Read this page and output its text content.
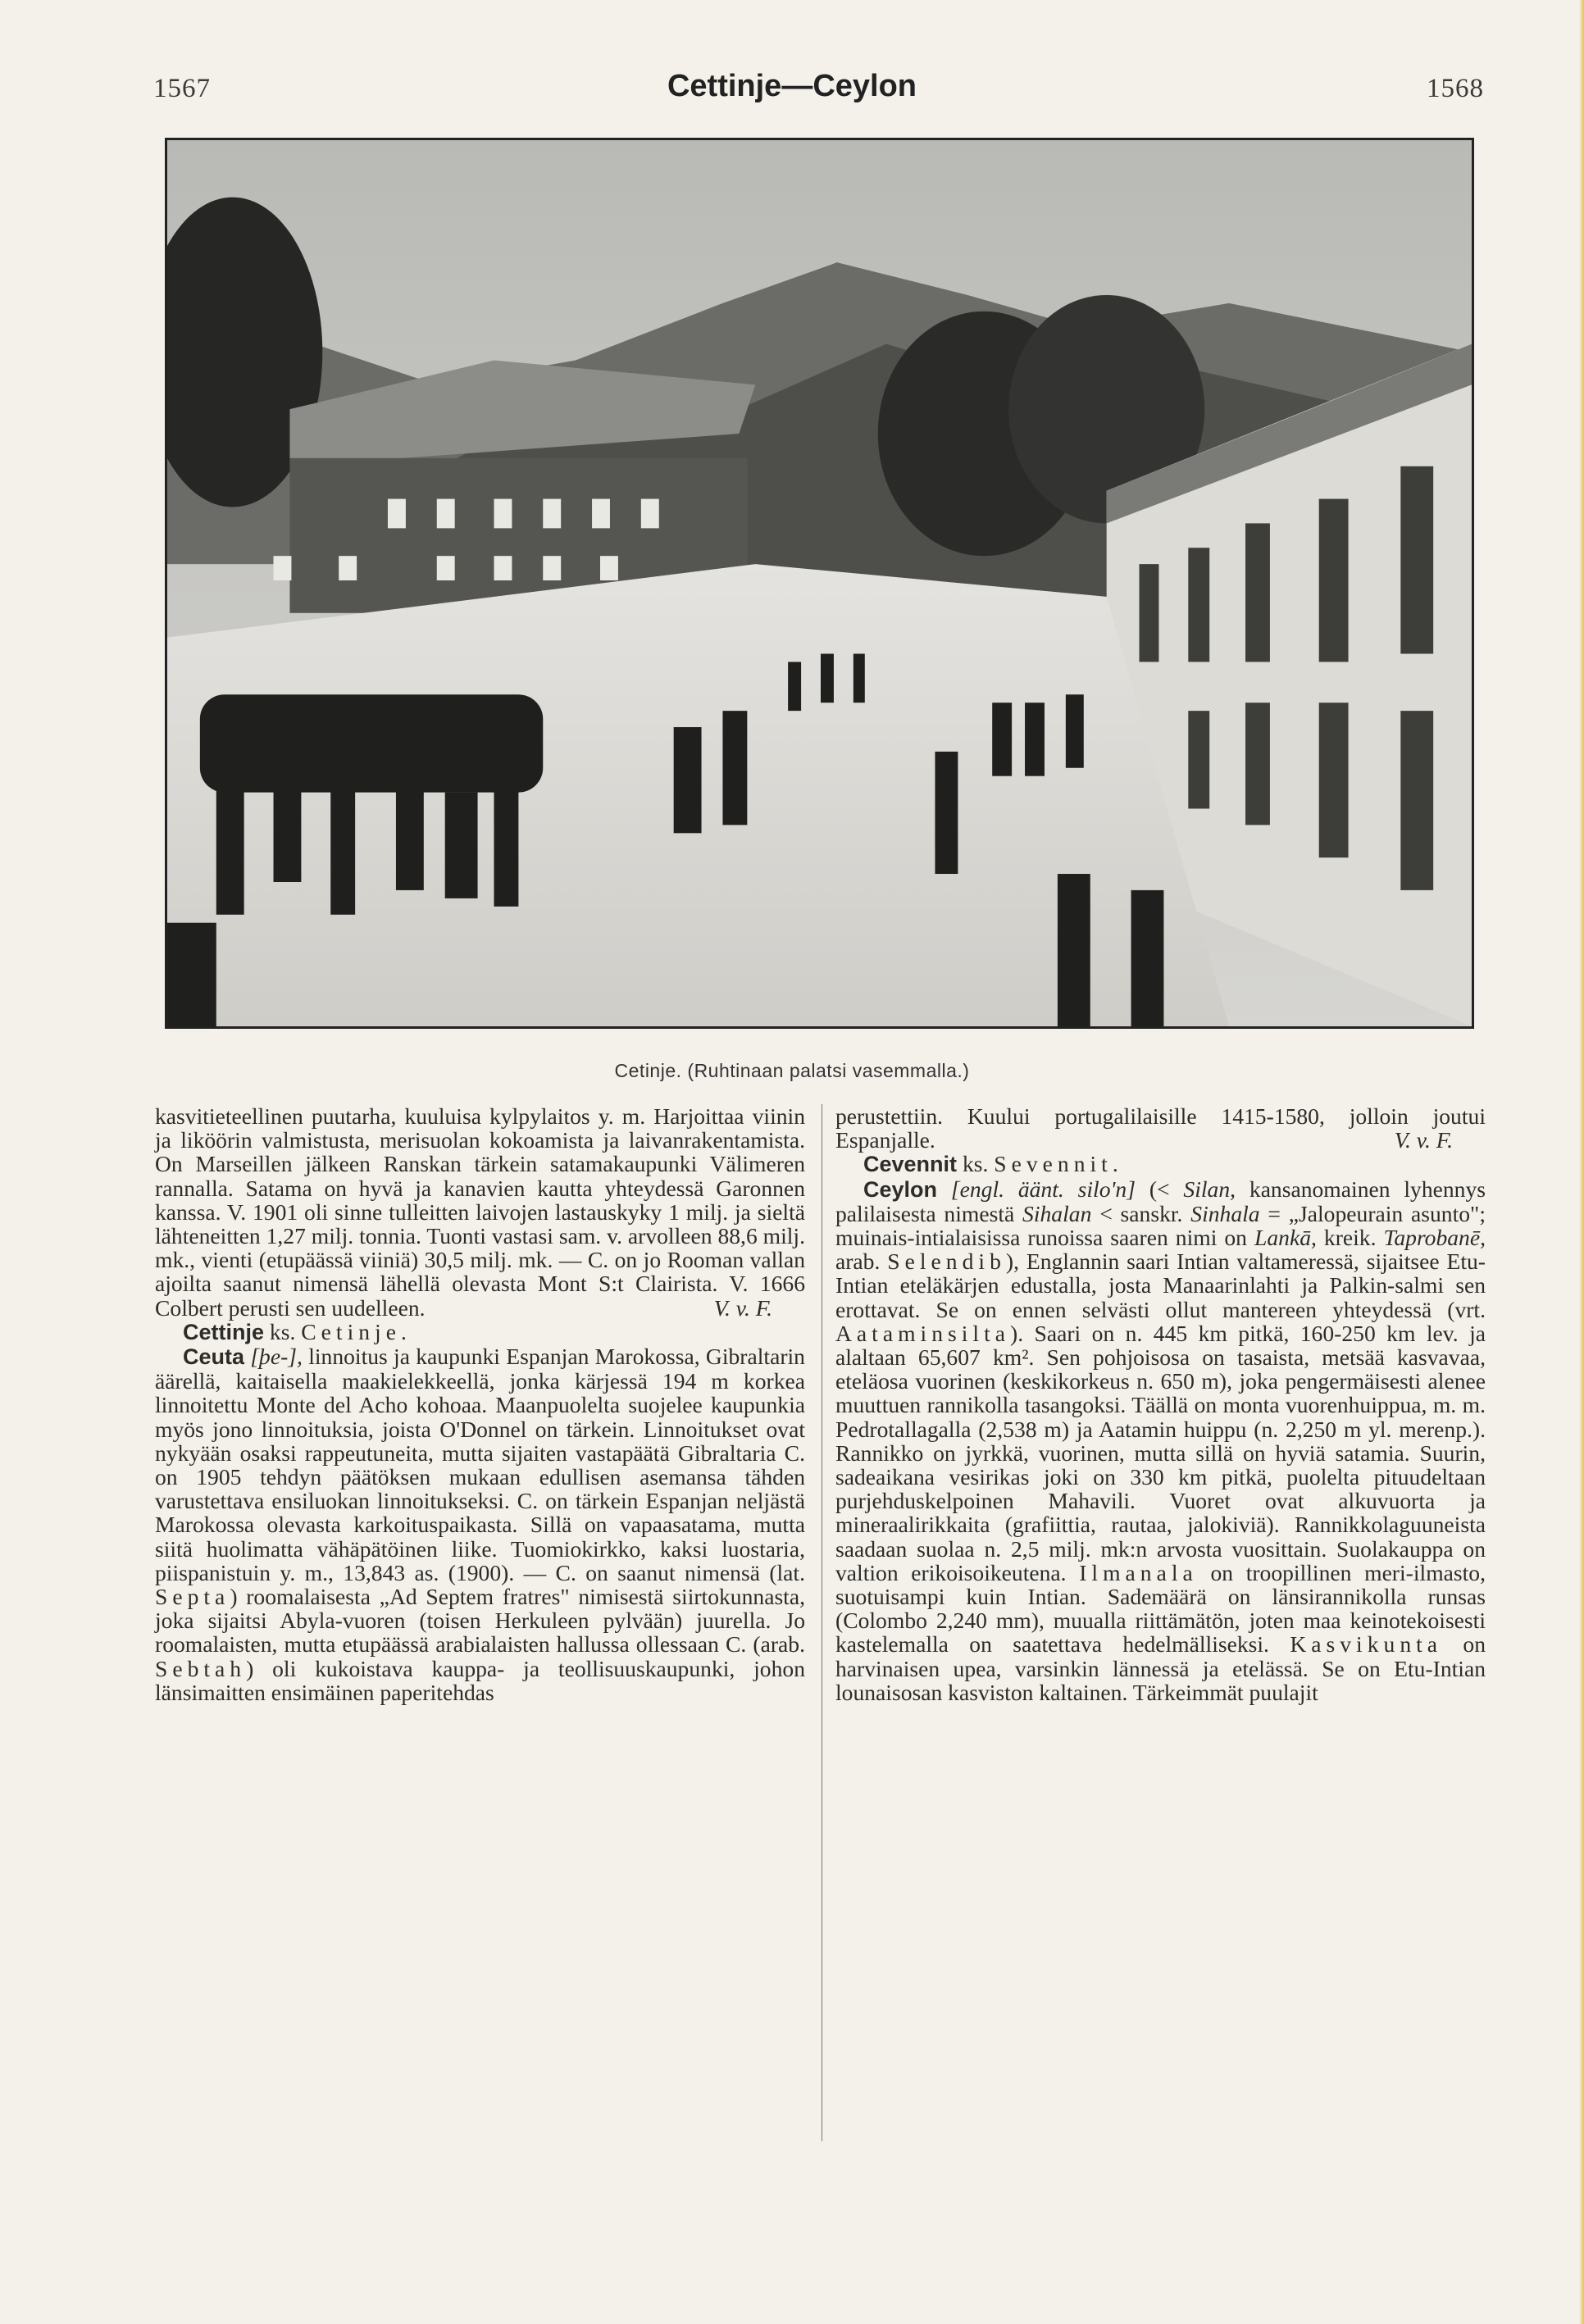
1567	Cettinje—Ceylon	1568
Cetinje. (Ruhtinaan palatsi vasemmalla.)

kasvitieteellinen puutarha, kuuluisa kylpylaitos y. m. Harjoittaa viinin ja liköörin valmistusta, merisuolan kokoamista ja laivanrakentamista. On Marseillen jälkeen Ranskan tärkein satamakaupunki Välimeren rannalla. Satama on hyvä ja kanavien kautta yhteydessä Garonnen kanssa. V. 1901 oli sinne tulleitten laivojen lastauskyky 1 milj. ja sieltä lähteneitten 1,27 milj. tonnia. Tuonti vastasi sam. v. arvolleen 88,6 milj. mk., vienti (etupäässä viiniä) 30,5 milj. mk. — C. on jo Rooman vallan ajoilta saanut nimensä lähellä olevasta Mont S:t Clairista. V. 1666 Colbert perusti sen uudelleen.	V. v. F.

Cettinje ks. Cetinje.

Ceuta [þe-], linnoitus ja kaupunki Espanjan Marokossa, Gibraltarin äärellä, kaitaisella maakielekkeellä, jonka kärjessä 194 m korkea linnoitettu Monte del Acho kohoaa. Maanpuolelta suojelee kaupunkia myös jono linnoituksia, joista O'Donnel on tärkein. Linnoitukset ovat nykyään osaksi rappeutuneita, mutta sijaiten vastapäätä Gibraltaria C. on 1905 tehdyn päätöksen mukaan edullisen asemansa tähden varustettava ensiluokan linnoitukseksi. C. on tärkein Espanjan neljästä Marokossa olevasta karkoituspaikasta. Sillä on vapaasatama, mutta siitä huolimatta vähäpätöinen liike. Tuomiokirkko, kaksi luostaria, piispanistuin y. m., 13,843 as. (1900). — C. on saanut nimensä (lat. Septa) roomalaisesta „Ad Septem fratres" nimisestä siirtokunnasta, joka sijaitsi Abyla-vuoren (toisen Herkuleen pylvään) juurella. Jo roomalaisten, mutta etupäässä arabialaisten hallussa ollessaan C. (arab. Sebtah) oli kukoistava kauppa- ja teollisuuskaupunki, johon länsimaitten ensimäinen paperitehdas

perustettiin. Kuului portugalilaisille 1415-1580, jolloin joutui Espanjalle.	V. v. F.

Cevennit ks. Sevennit.

Ceylon [engl. äänt. silo'n] (< Silan, kansanomainen lyhennys palilaisesta nimestä Sihalan < sanskr. Sinhala = „Jalopeurain asunto"; muinais-intialaisissa runoissa saaren nimi on Lankā, kreik. Taprobanē, arab. Selendib), Englannin saari Intian valtameressä, sijaitsee Etu-Intian eteläkärjen edustalla, josta Manaarinlahti ja Palkin-salmi sen erottavat. Se on ennen selvästi ollut mantereen yhteydessä (vrt. Aataminsilta). Saari on n. 445 km pitkä, 160-250 km lev. ja alaltaan 65,607 km². Sen pohjoisosa on tasaista, metsää kasvavaa, eteläosa vuorinen (keskikorkeus n. 650 m), joka pengermäisesti alenee muuttuen rannikolla tasangoksi. Täällä on monta vuorenhuippua, m. m. Pedrotallagalla (2,538 m) ja Aatamin huippu (n. 2,250 m yl. merenp.). Rannikko on jyrkkä, vuorinen, mutta sillä on hyviä satamia. Suurin, sadeaikana vesirikas joki on 330 km pitkä, puolelta pituudeltaan purjehduskelpoinen Mahavili. Vuoret ovat alkuvuorta ja mineraalirikkaita (grafiittia, rautaa, jalokiviä). Rannikkolaguuneista saadaan suolaa n. 2,5 milj. mk:n arvosta vuosittain. Suolakauppa on valtion erikoisoikeutena. Ilmanala on troopillinen meri-ilmasto, suotuisampi kuin Intian. Sademäärä on länsirannikolla runsas (Colombo 2,240 mm), muualla riittämätön, joten maa keinotekoisesti kastelemalla on saatettava hedelmälliseksi. Kasvikunta on harvinaisen upea, varsinkin lännessä ja etelässä. Se on Etu-Intian lounaisosan kasviston kaltainen. Tärkeimmät puulajit
